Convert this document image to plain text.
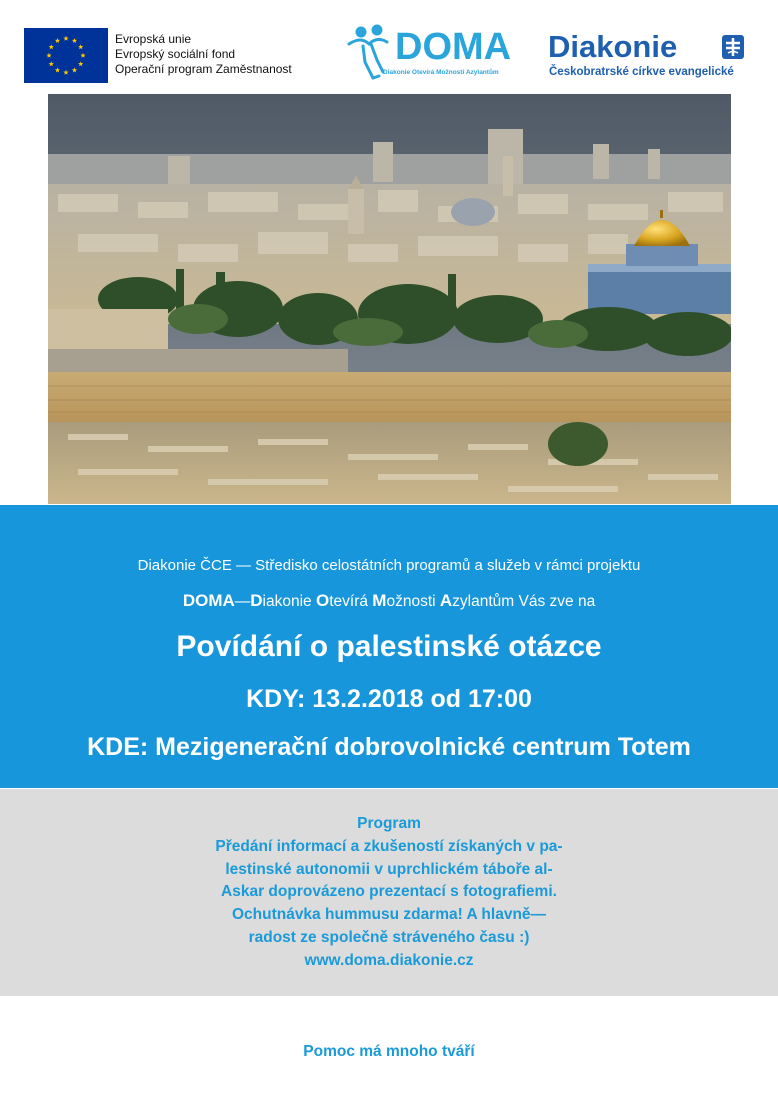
Evropská unie
Evropský sociální fond
Operační program Zaměstnanost
DOMA
Diakonie Otevírá Možnosti Azylantům
Diakonie
Českobratrské církve evangelické
Diakonie ČCE — Středisko celostátních programů a služeb v rámci projektu
DOMA—Diakonie Otevírá Možnosti Azylantům Vás zve na
Povídání o palestinské otázce
KDY: 13.2.2018 od 17:00
KDE: Mezigenerační dobrovolnické centrum Totem
Program
Předání informací a zkušeností získaných v pa-
lestinské autonomii v uprchlickém táboře al-
Askar doprovázeno prezentací s fotografiemi.
Ochutnávka hummusu zdarma! A hlavně—
radost ze společně stráveného času :)
www.doma.diakonie.cz
Pomoc má mnoho tváří
